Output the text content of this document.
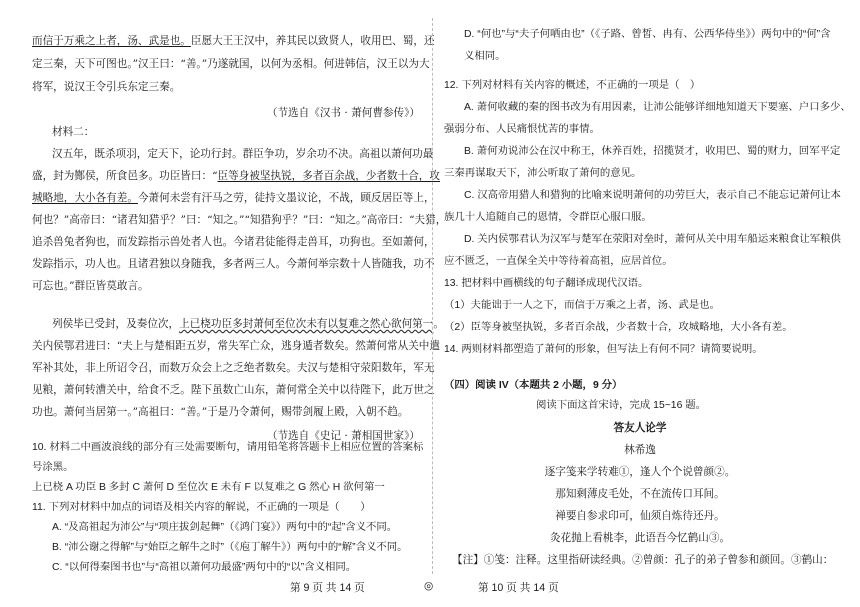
而信于万乘之上者，汤、武是也。臣愿大王王汉中，养其民以致贤人，收用巴、蜀，还
定三秦，天下可图也。”汉王曰：“善。”乃遂就国，以何为丞相。何进韩信，汉王以为大
将军，说汉王令引兵东定三秦。
材料二：
汉五年，既杀项羽，定天下，论功行封。群臣争功，岁余功不决。高祖以萧何功最
盛，封为酂侯，所食邑多。功臣皆曰：“臣等身被坚执锐，多者百余战，少者数十合，攻
城略地，大小各有差。今萧何未尝有汗马之劳，徒持文墨议论，不战，顾反居臣等上，
何也？”高帝曰：“诸君知猎乎？”曰：“知之。”“知猎狗乎？”曰：“知之。”高帝曰：“夫猎，
追杀兽兔者狗也，而发踪指示兽处者人也。今诸君徒能得走兽耳，功狗也。至如萧何，
发踪指示，功人也。且诸君独以身随我，多者两三人。今萧何举宗数十人皆随我，功不
可忘也。”群臣皆莫敢言。
列侯毕已受封，及奏位次，上已桡功臣多封萧何至位次未有以复难之然心欲何第一。
关内侯鄂君进曰：“夫上与楚相距五岁，常失军亡众，逃身遁者数矣。然萧何常从关中遣
军补其处，非上所诏令召，而数万众会上之乏绝者数矣。夫汉与楚相守荥阳数年，军无
见粮，萧何转漕关中，给食不乏。陛下虽数亡山东，萧何常全关中以待陛下，此万世之
功也。萧何当居第一。”高祖曰：“善。”于是乃令萧何，赐带剑履上殿，入朝不趋。
10. 材料二中画波浪线的部分有三处需要断句，请用铅笔将答题卡上相应位置的答案标
号涂黑。
上已桡 A 功臣 B 多封 C 萧何 D 至位次 E 未有 F 以复难之 G 然心 H 欲何第一
11. 下列对材料中加点的词语及相关内容的解说，不正确的一项是（　　）
A. “及高祖起为沛公”与“项庄拔剑起舞”（《鸿门宴》）两句中的“起”含义不同。
B. “沛公谢之得解”与“始臣之解牛之时”（《庖丁解牛》）两句中的“解”含义不同。
C. “以何得秦图书也”与“高祖以萧何功最盛”两句中的“以”含义相同。
（节选自《汉书 · 萧何曹参传》）
（节选自《史记 · 萧相国世家》）
D. “何也”与“夫子何哂由也”（《子路、曾皙、冉有、公西华侍坐》）两句中的“何”含
义相同。
12. 下列对材料有关内容的概述，不正确的一项是（　）
A. 萧何收藏的秦的图书改为有用因素，让沛公能够详细地知道天下要塞、户口多少、
强弱分布、人民痛恨忧苦的事情。
B. 萧何劝说沛公在汉中称王，休养百姓，招揽贤才，收用巴、蜀的财力，回军平定
三秦再谋取天下，沛公听取了萧何的意见。
C. 汉高帝用猎人和猎狗的比喻来说明萧何的功劳巨大，表示自己不能忘记萧何让本
族几十人追随自己的恩情，令群臣心服口服。
D. 关内侯鄂君认为汉军与楚军在荥阳对垒时，萧何从关中用车船运来粮食让军粮供
应不匮乏，一直保全关中等待着高祖，应居首位。
13. 把材料中画横线的句子翻译成现代汉语。
（1）夫能诎于一人之下，而信于万乘之上者，汤、武是也。
（2）臣等身被坚执锐，多者百余战，少者数十合，攻城略地，大小各有差。
14. 两则材料都塑造了萧何的形象，但写法上有何不同？请简要说明。
（四）阅读 IV（本题共 2 小题，9 分）
阅读下面这首宋诗，完成 15~16 题。
答友人论学
林希逸
逐字笺来学转难①，逢人个个说曾颜②。
那知剩薄皮毛处，不在流传口耳间。
禅要自参求印可，仙须自炼待还丹。
灸花抛上看桃李，此语吾今忆鹤山③。
【注】①笺：注释。这里指研读经典。②曾颜：孔子的弟子曾参和颜回。③鹤山：
第 9 页 共 14 页	◎	第 10 页 共 14 页
